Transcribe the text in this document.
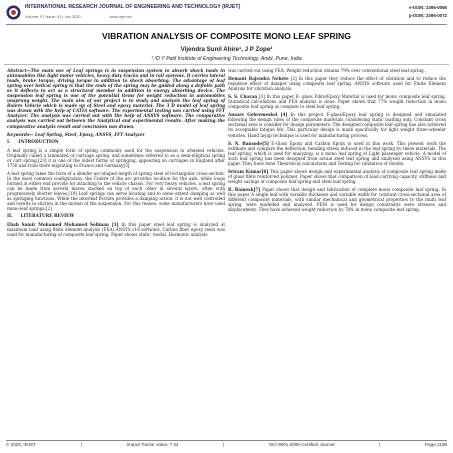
INTERNATIONAL RESEARCH JOURNAL OF ENGINEERING AND TECHNOLOGY (IRJET)
Volume: 07 Issue: 01 | Jan 2020	www.irjet.net
e-ISSN: 2395-0056
p-ISSN: 2395-0072
VIBRATION ANALYSIS OF COMPOSITE MONO LEAF SPRING
Vijendra Sunil Ahire¹, J P Zope²
¹,²D Y Patil Institute of Engineering Technology, Ambi, Pune, India

Abstract—The main use of Leaf springs is in suspension system to absorb shock loads in automobiles like light motor vehicles, heavy duty trucks and in rail systems. It carries lateral loads, brake torque, driving torque in addition to shock absorbing. The advantage of leaf spring over helical spring is that the ends of the spring may be guided along a definite path as it deflects to act as a structural member in addition to energy absorbing device. The suspension leaf spring is one of the potential items for weight reduction in automobiles unsprung weight. The main aim of our project is to study and analysis the leaf spring of Bolero Vehicle which is made up of Steel and epoxy material. The 3 D model of leaf spring was drawn with the help of CATIA software. The experimental testing was carried using FFT Analyzer. The analysis was carried out with the help of ANSYS software. The comparative analysis was carried out between the Analytical and experimental results. After making the comparative analysis result and conclusion was drawn.

Keywords— Leaf Spring, Steel, Epoxy, ANSYS, FFT Analyzer

I. INTRODUCTION

A leaf spring is a simple form of spring commonly used for the suspension in wheeled vehicles. Originally called a laminated or carriage spring, and sometimes referred to as a semi-elliptical spring or cart spring,[23] it is one of the oldest forms of springing, appearing on carriages in England after 1750 and from there migrating to France and Germany[3].

A leaf spring takes the form of a slender arc-shaped length of spring steel of rectangular cross-section. In the most common configuration, the Centre of the arc provides location for the axle, while loops formed at either end provide for attaching to the vehicle chassis. For very heavy vehicles, a leaf spring can be made from several leaves stacked on top of each other in several layers, often with progressively shorter leaves.[19] Leaf springs can serve locating and to some extent damping as well as springing functions. While the interleaf friction provides a damping action, it is not well controlled and results in stiction in the motion of the suspension. For this reason, some manufacturers have used mono-leaf springs.[2]

II. LITERATURE REVIEW

Ehab Samir Mohamed Mohamed Soliman [1] In this paper steel leaf spring is analyzed at maximum load using finite element analysis (FEA) ANSYS v16 software. Carbon fiber epoxy resin was used for manufacturing of composite leaf spring. Paper shows static, modal, Harmonic analysis

was carried out using FEA. Weight reduction obtains 79% over conventional steel leaf spring.

Hemant Rajendra Nehete [2] In this paper they reduce the effect of vibration and to reduce the repulsive effect of damper using composite leaf spring. ANSYS software used for Finite Element Analysis for vibration analysis.

S. S. Chavan [3] In this paper E- glass Fibre/Epoxy Material is used for mono composite leaf spring. Statistical calculations and FEA analysis is done. Paper shows that 77% weight reduction in mono composite leaf spring as compare to steel leaf spring.

Ansare Gebremeskel [4] In this project E-glass/Epoxy leaf spring is designed and simulated following the design rules of the composite materials considering static loading only. Constant cross sectional area is consider for design parameters. The designed composite leaf spring has also achieved its acceptable fatigue life. This particular design is made specifically for light weight three-wheeler vehicles. Hand layup technique is used for manufacturing process.

S. N. Bansode[5] E-Glass Epoxy and Carbon Epoxy is used in this work. This present work the estimate and compare the deflection, bending stress induced in the leaf spring by these materials. The leaf spring, which is used for analyzing, is a mono leaf spring of Light passenger vehicle. A model of such leaf spring has been designed from actual steel leaf spring and analysed using ANSYS in this paper. They have done Theoretical calculations and Testing for validation of results.

Sriram Kumar[6] This paper shows design and experimental analysis of composite leaf spring made of glass fibre reinforced polymer. Paper shows that comparison of load carrying capacity, stiffness and weight savings of composite leaf spring and steel leaf spring.

R. Ramesh[7] Paper shows that design and fabrication of complete mono composite leaf spring. In this paper A single leaf with variable thickness and variable width for constant cross-sectional area of different composite materials, with similar mechanical and geometrical properties to the multi leaf spring, were modelled and analysed. FEM is used for design constraints were stresses and displacement. They have achieved weight reduction by 78% in mono composite leaf spring.

© 2020, IRJET	|	Impact Factor value: 7.34	|	ISO 9001:2008 Certified Journal	|	Page 1108
